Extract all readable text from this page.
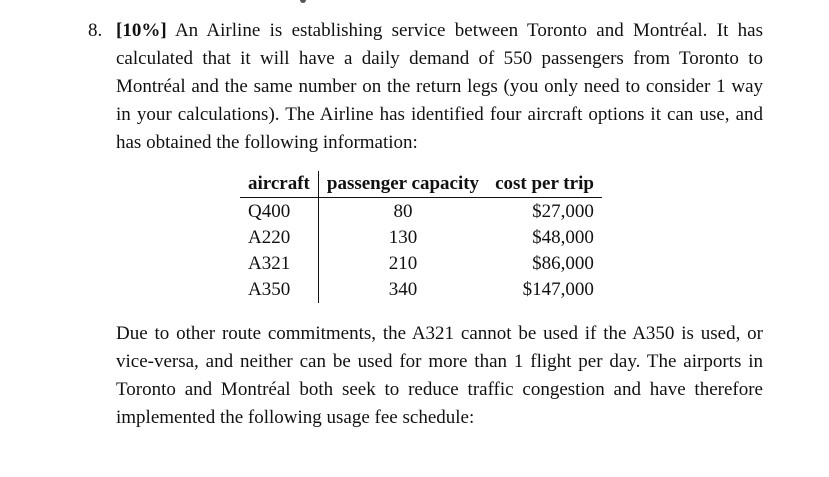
8. [10%] An Airline is establishing service between Toronto and Montréal. It has calculated that it will have a daily demand of 550 passengers from Toronto to Montréal and the same number on the return legs (you only need to consider 1 way in your calculations). The Airline has identified four aircraft options it can use, and has obtained the following information:

aircraft	passenger capacity	cost per trip
Q400	80	$27,000
A220	130	$48,000
A321	210	$86,000
A350	340	$147,000

Due to other route commitments, the A321 cannot be used if the A350 is used, or vice-versa, and neither can be used for more than 1 flight per day. The airports in Toronto and Montréal both seek to reduce traffic congestion and have therefore implemented the following usage fee schedule:
